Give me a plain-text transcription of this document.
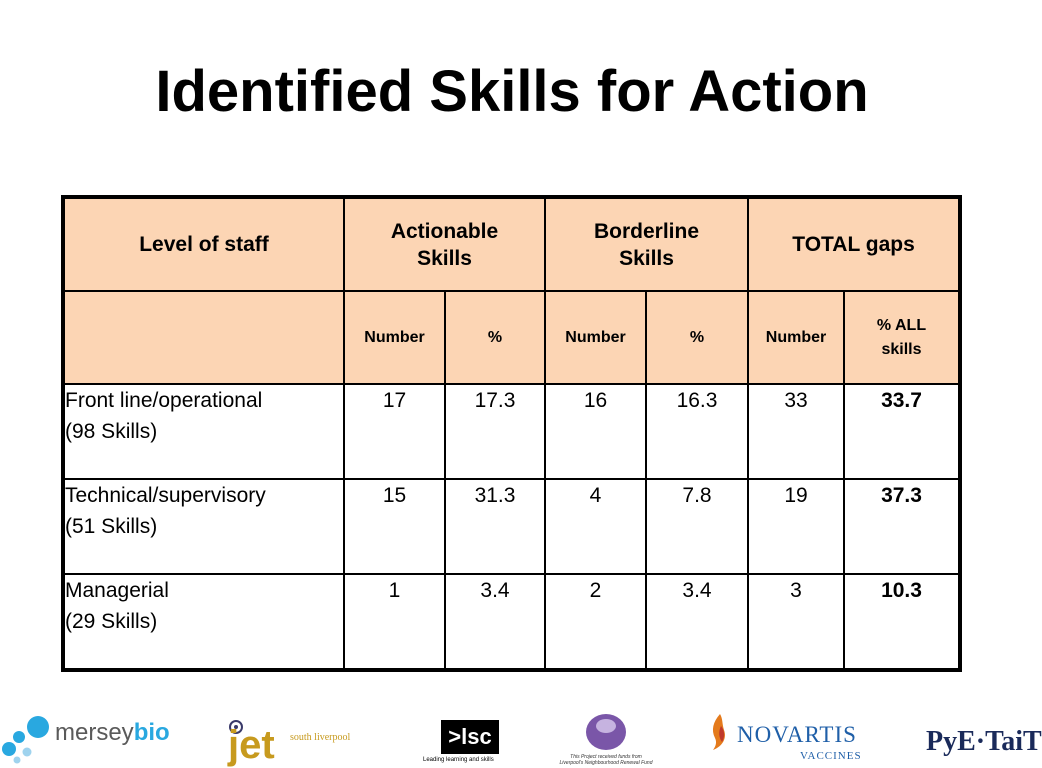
Identified Skills for Action
Level of staff	Actionable Skills		Borderline Skills		TOTAL gaps	
	Number	%	Number	%	Number	% ALL skills

Front line/operational
(98 Skills)	17	17.3	16	16.3	33	33.7

Technical/supervisory
(51 Skills)	15	31.3	4	7.8	19	37.3

Managerial
(29 Skills)	1	3.4	2	3.4	3	10.3
merseybio jet south liverpool	>lsc
Leading learning and skills	This Project received funds from Liverpool's Neighbourhood Renewal Fund
NOVARTIS
VACCINES PyE·TaiT
